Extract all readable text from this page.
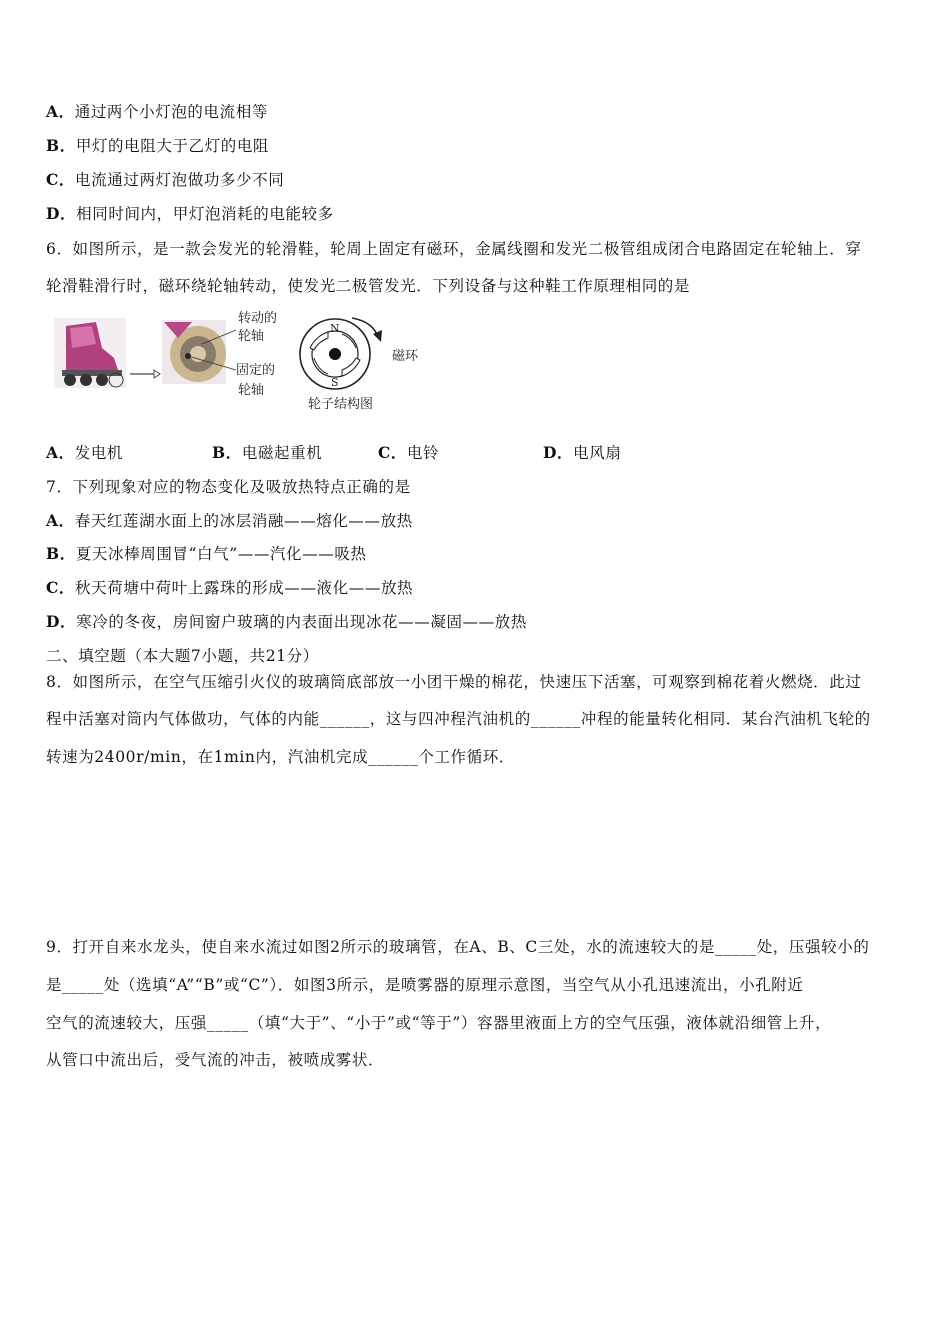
A．通过两个小灯泡的电流相等
B．甲灯的电阻大于乙灯的电阻
C．电流通过两灯泡做功多少不同
D．相同时间内，甲灯泡消耗的电能较多
6．如图所示，是一款会发光的轮滑鞋，轮周上固定有磁环，金属线圈和发光二极管组成闭合电路固定在轮轴上．穿
轮滑鞋滑行时，磁环绕轮轴转动，使发光二极管发光．下列设备与这种鞋工作原理相同的是
转动的
轮轴
固定的
轮轴
N
S
磁环
轮子结构图
A．发电机	B．电磁起重机	C．电铃	D．电风扇
7．下列现象对应的物态变化及吸放热特点正确的是
A．春天红莲湖水面上的冰层消融——熔化——放热
B．夏天冰棒周围冒“白气”——汽化——吸热
C．秋天荷塘中荷叶上露珠的形成——液化——放热
D．寒冷的冬夜，房间窗户玻璃的内表面出现冰花——凝固——放热
二、填空题（本大题7小题，共21分）
8．如图所示，在空气压缩引火仪的玻璃筒底部放一小团干燥的棉花，快速压下活塞，可观察到棉花着火燃烧．此过
程中活塞对筒内气体做功，气体的内能______，这与四冲程汽油机的______冲程的能量转化相同．某台汽油机飞轮的
转速为2400r/min，在1min内，汽油机完成______个工作循环．
9．打开自来水龙头，使自来水流过如图2所示的玻璃管，在A、B、C三处，水的流速较大的是_____处，压强较小的
是_____处（选填“A”“B”或“C”）．如图3所示，是喷雾器的原理示意图，当空气从小孔迅速流出，小孔附近
空气的流速较大，压强_____（填“大于”、“小于”或“等于”）容器里液面上方的空气压强，液体就沿细管上升，
从管口中流出后，受气流的冲击，被喷成雾状．
